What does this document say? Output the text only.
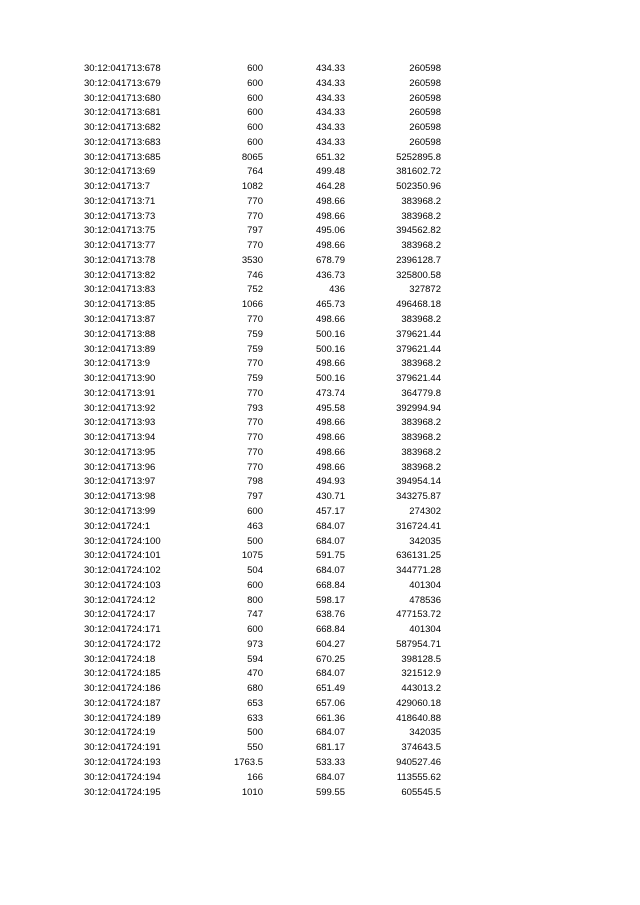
30:12:041713:678	600	434.33	260598
30:12:041713:679	600	434.33	260598
30:12:041713:680	600	434.33	260598
30:12:041713:681	600	434.33	260598
30:12:041713:682	600	434.33	260598
30:12:041713:683	600	434.33	260598
30:12:041713:685	8065	651.32	5252895.8
30:12:041713:69	764	499.48	381602.72
30:12:041713:7	1082	464.28	502350.96
30:12:041713:71	770	498.66	383968.2
30:12:041713:73	770	498.66	383968.2
30:12:041713:75	797	495.06	394562.82
30:12:041713:77	770	498.66	383968.2
30:12:041713:78	3530	678.79	2396128.7
30:12:041713:82	746	436.73	325800.58
30:12:041713:83	752	436	327872
30:12:041713:85	1066	465.73	496468.18
30:12:041713:87	770	498.66	383968.2
30:12:041713:88	759	500.16	379621.44
30:12:041713:89	759	500.16	379621.44
30:12:041713:9	770	498.66	383968.2
30:12:041713:90	759	500.16	379621.44
30:12:041713:91	770	473.74	364779.8
30:12:041713:92	793	495.58	392994.94
30:12:041713:93	770	498.66	383968.2
30:12:041713:94	770	498.66	383968.2
30:12:041713:95	770	498.66	383968.2
30:12:041713:96	770	498.66	383968.2
30:12:041713:97	798	494.93	394954.14
30:12:041713:98	797	430.71	343275.87
30:12:041713:99	600	457.17	274302
30:12:041724:1	463	684.07	316724.41
30:12:041724:100	500	684.07	342035
30:12:041724:101	1075	591.75	636131.25
30:12:041724:102	504	684.07	344771.28
30:12:041724:103	600	668.84	401304
30:12:041724:12	800	598.17	478536
30:12:041724:17	747	638.76	477153.72
30:12:041724:171	600	668.84	401304
30:12:041724:172	973	604.27	587954.71
30:12:041724:18	594	670.25	398128.5
30:12:041724:185	470	684.07	321512.9
30:12:041724:186	680	651.49	443013.2
30:12:041724:187	653	657.06	429060.18
30:12:041724:189	633	661.36	418640.88
30:12:041724:19	500	684.07	342035
30:12:041724:191	550	681.17	374643.5
30:12:041724:193	1763.5	533.33	940527.46
30:12:041724:194	166	684.07	113555.62
30:12:041724:195	1010	599.55	605545.5
